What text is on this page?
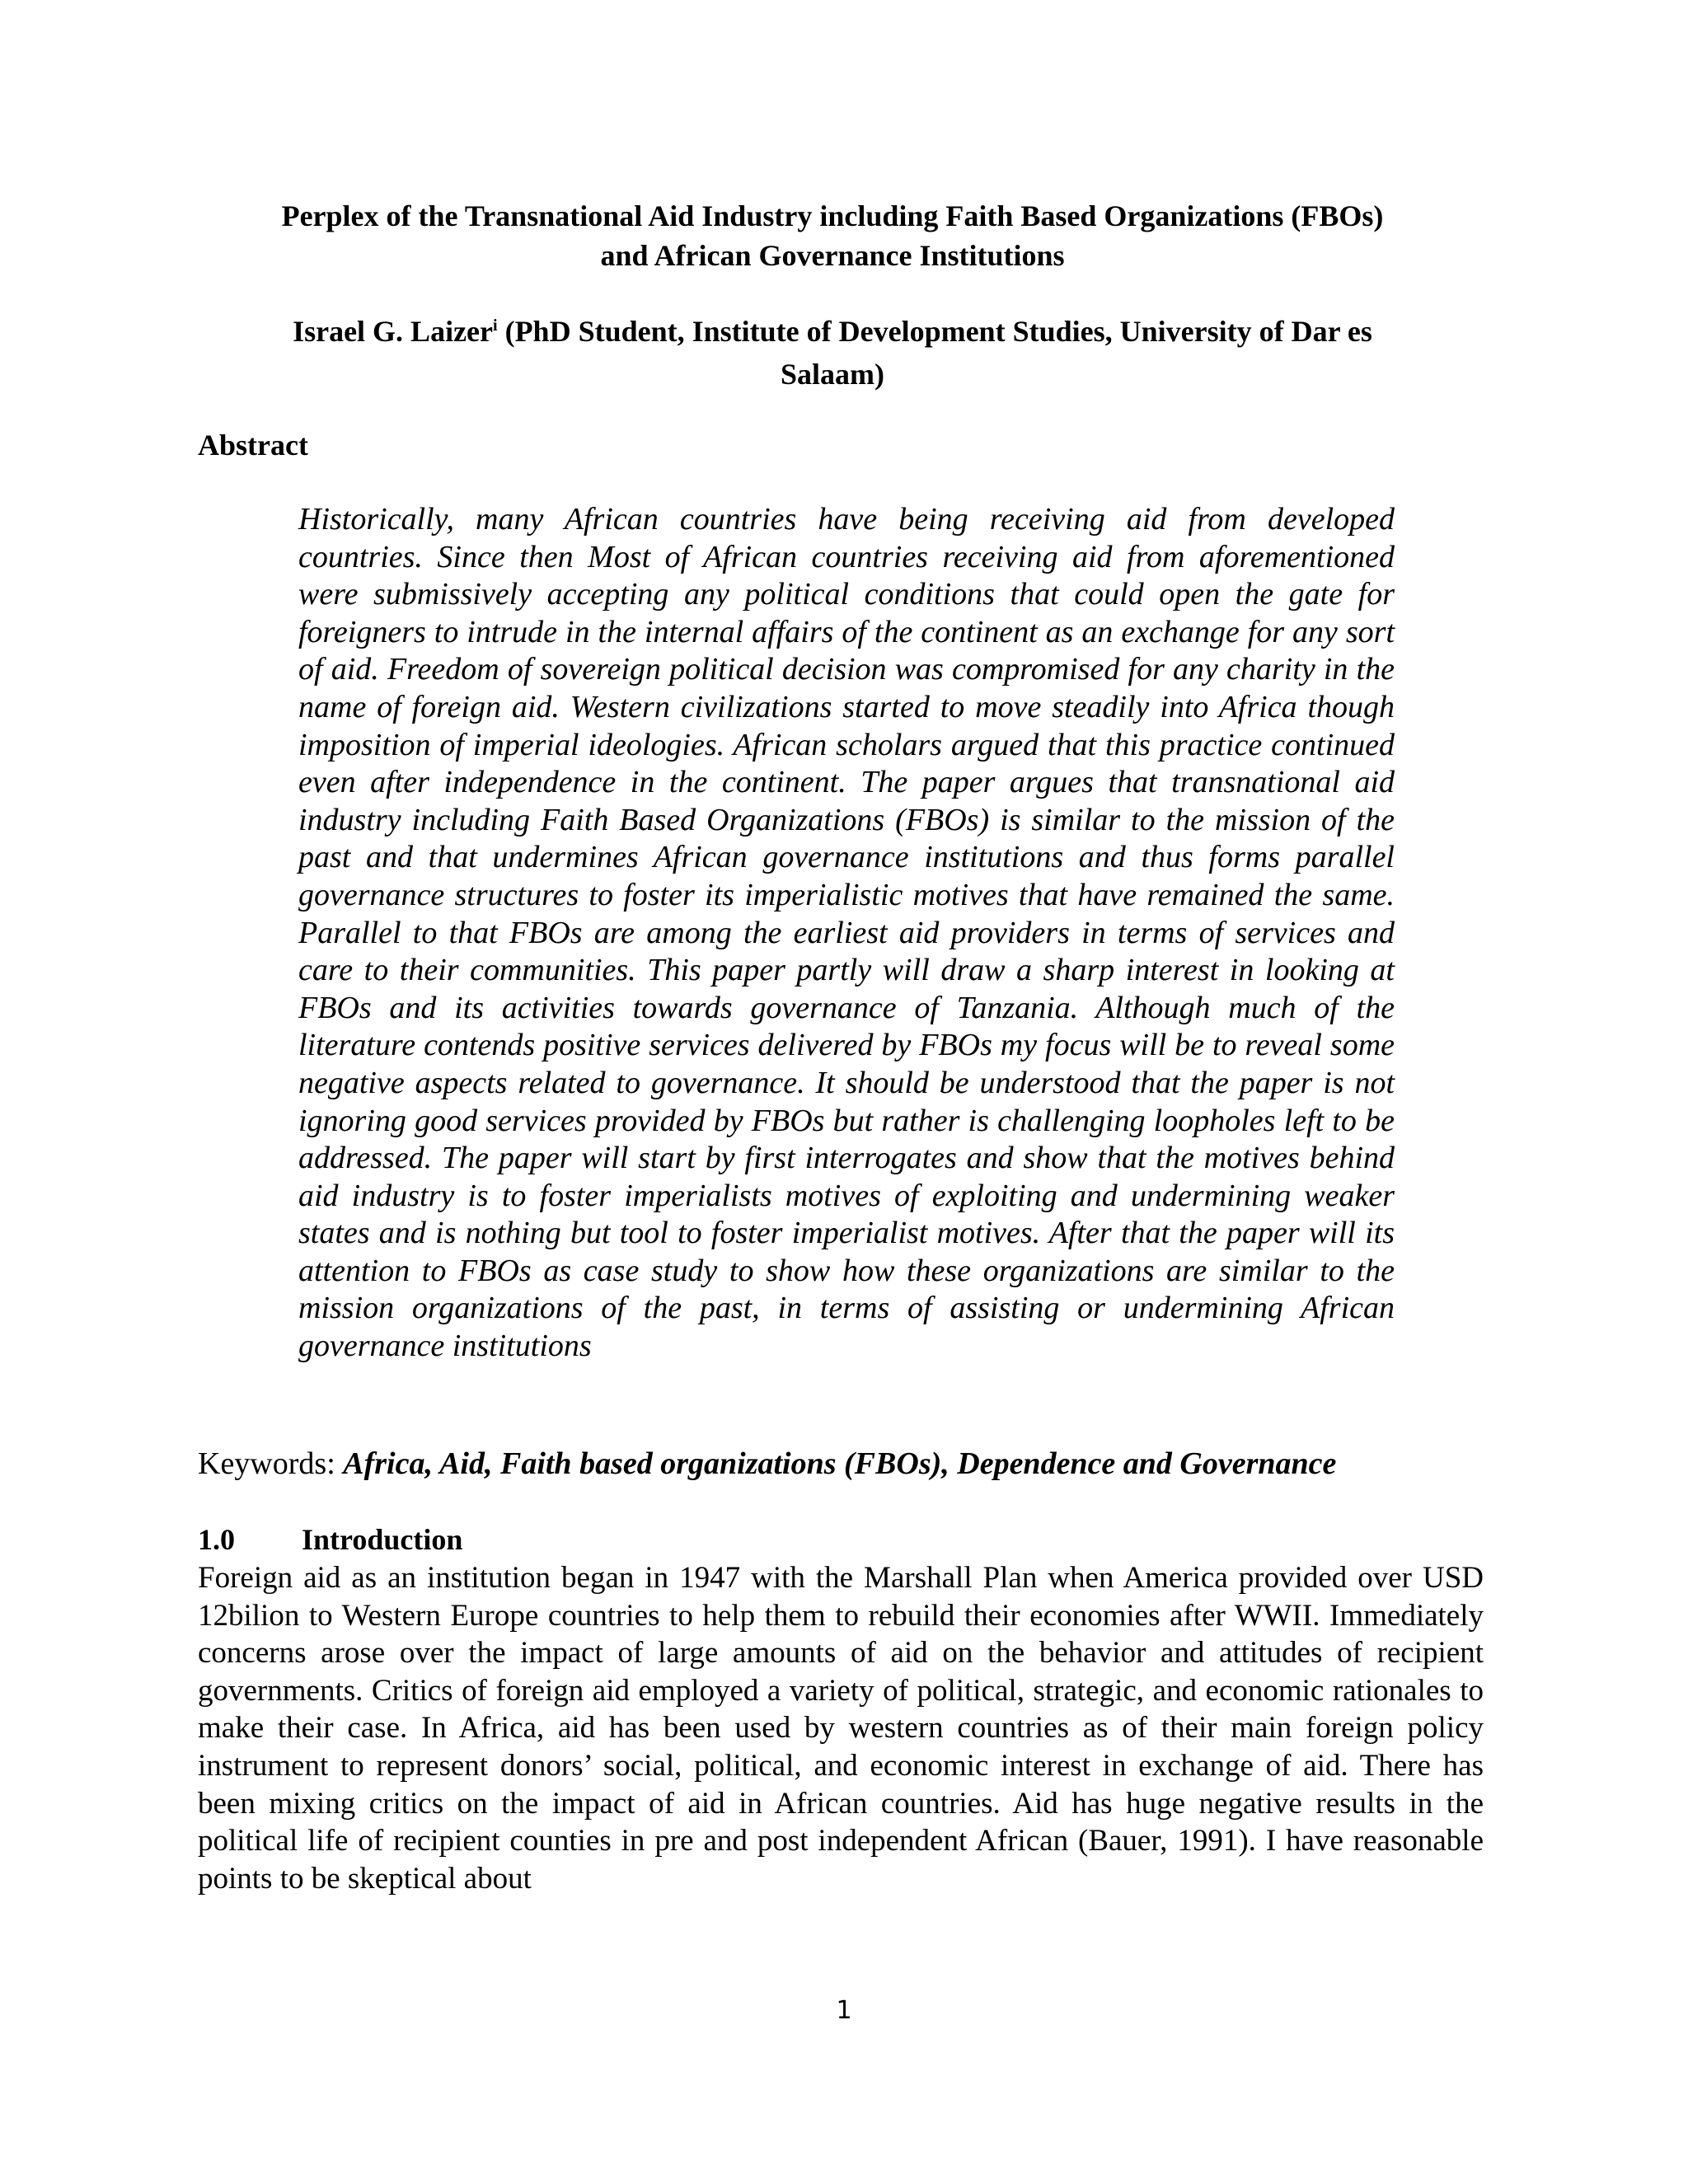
Perplex of the Transnational Aid Industry including Faith Based Organizations (FBOs)
and African Governance Institutions
Israel G. Laizer$^i$ (PhD Student, Institute of Development Studies, University of Dar es
Salaam)
Abstract

Historically, many African countries have being receiving aid from developed countries. Since then Most of African countries receiving aid from aforementioned were submissively accepting any political conditions that could open the gate for foreigners to intrude in the internal affairs of the continent as an exchange for any sort of aid. Freedom of sovereign political decision was compromised for any charity in the name of foreign aid. Western civilizations started to move steadily into Africa though imposition of imperial ideologies. African scholars argued that this practice continued even after independence in the continent. The paper argues that transnational aid industry including Faith Based Organizations (FBOs) is similar to the mission of the past and that undermines African governance institutions and thus forms parallel governance structures to foster its imperialistic motives that have remained the same. Parallel to that FBOs are among the earliest aid providers in terms of services and care to their communities. This paper partly will draw a sharp interest in looking at FBOs and its activities towards governance of Tanzania. Although much of the literature contends positive services delivered by FBOs my focus will be to reveal some negative aspects related to governance. It should be understood that the paper is not ignoring good services provided by FBOs but rather is challenging loopholes left to be addressed. The paper will start by first interrogates and show that the motives behind aid industry is to foster imperialists motives of exploiting and undermining weaker states and is nothing but tool to foster imperialist motives. After that the paper will its attention to FBOs as case study to show how these organizations are similar to the mission organizations of the past, in terms of assisting or undermining African governance institutions

Keywords: Africa, Aid, Faith based organizations (FBOs), Dependence and Governance
1.0 Introduction

Foreign aid as an institution began in 1947 with the Marshall Plan when America provided over USD 12bilion to Western Europe countries to help them to rebuild their economies after WWII. Immediately concerns arose over the impact of large amounts of aid on the behavior and attitudes of recipient governments. Critics of foreign aid employed a variety of political, strategic, and economic rationales to make their case. In Africa, aid has been used by western countries as of their main foreign policy instrument to represent donors’ social, political, and economic interest in exchange of aid. There has been mixing critics on the impact of aid in African countries. Aid has huge negative results in the political life of recipient counties in pre and post independent African (Bauer, 1991). I have reasonable points to be skeptical about

1
